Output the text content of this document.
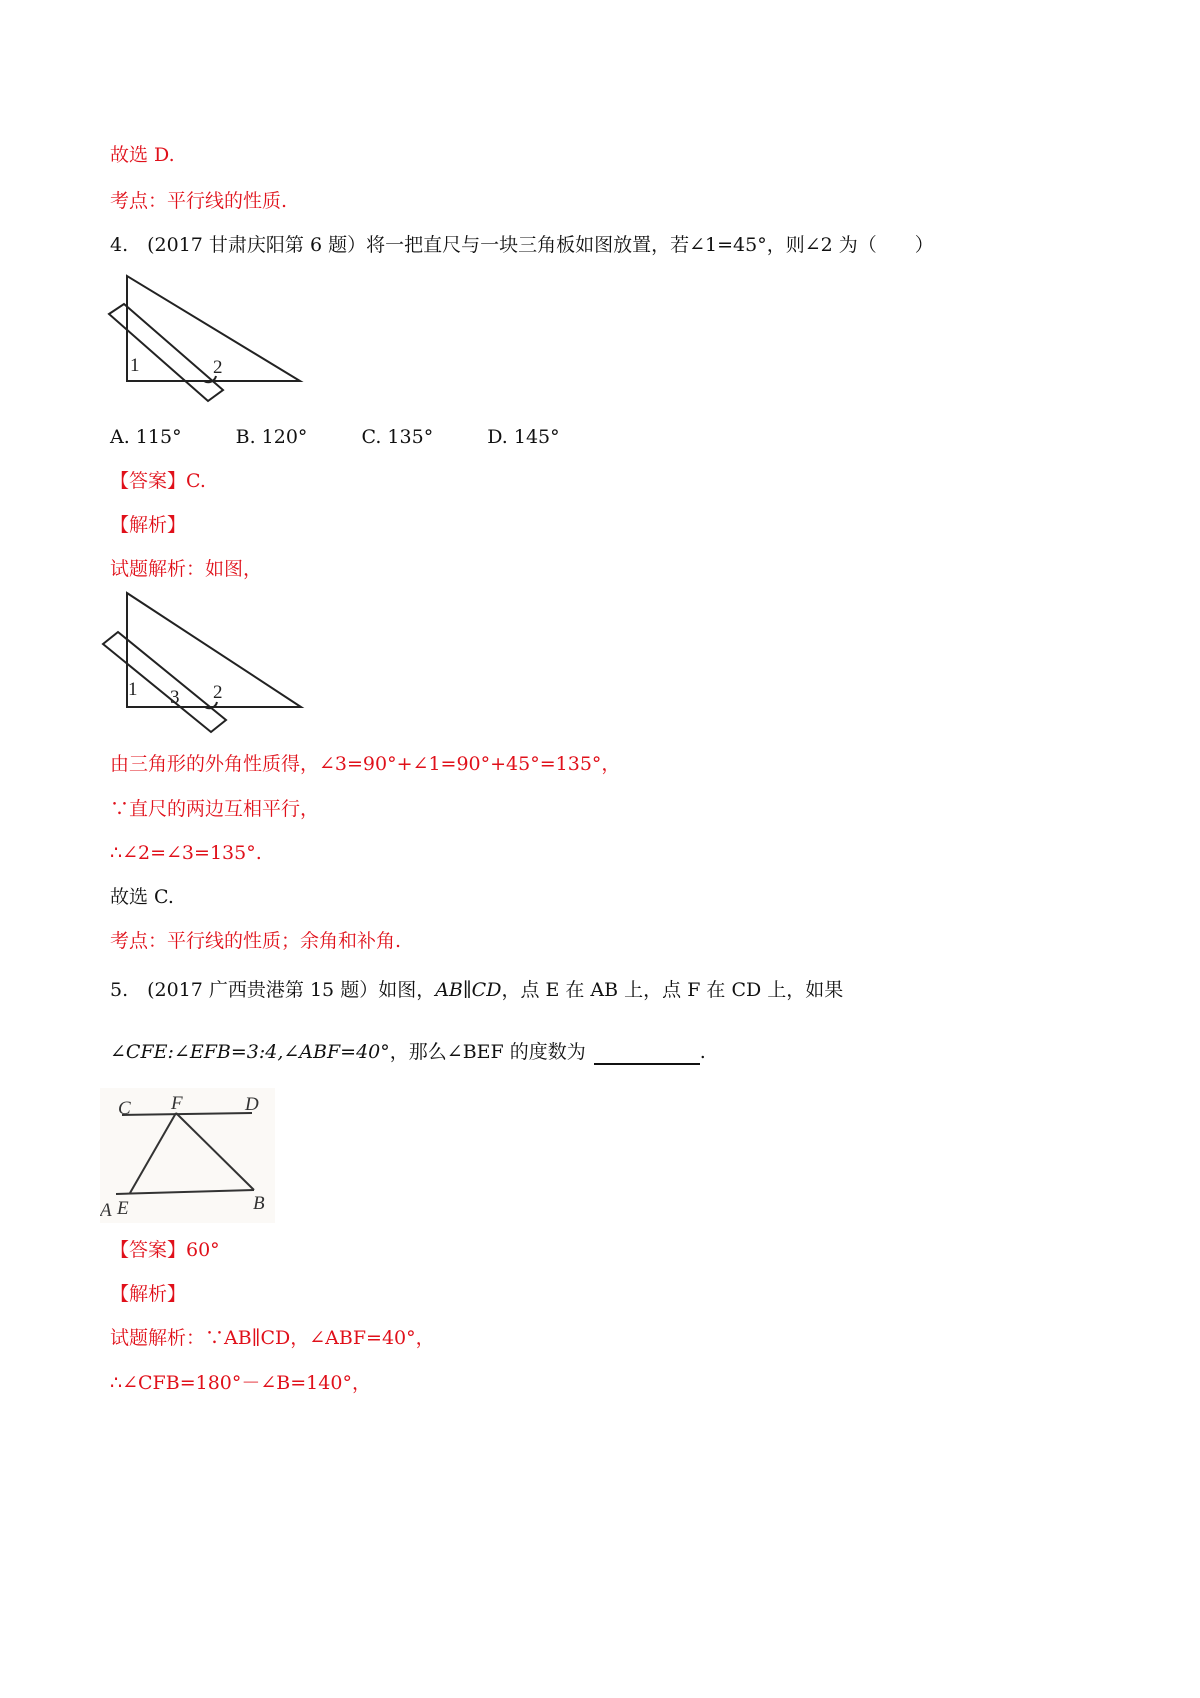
故选 D.
考点：平行线的性质.
4.　(2017 甘肃庆阳第 6 题）将一把直尺与一块三角板如图放置，若∠1=45°，则∠2 为（　　）
1	2
A. 115°	B. 120°	C. 135°	D. 145°
【答案】C.
【解析】
试题解析：如图，
1 3 2
由三角形的外角性质得，∠3=90°+∠1=90°+45°=135°，
∵直尺的两边互相平行，
∴∠2=∠3=135°.
故选 C.
考点：平行线的性质；余角和补角.
5.　(2017 广西贵港第 15 题）如图，AB∥CD，点 E 在 AB 上，点 F 在 CD 上，如果
∠CFE:∠EFB=3:4,∠ABF=40°，那么∠BEF 的度数为	.
C F	D
A E	B
【答案】60°
【解析】
试题解析：∵AB∥CD，∠ABF=40°，
∴∠CFB=180°－∠B=140°，
